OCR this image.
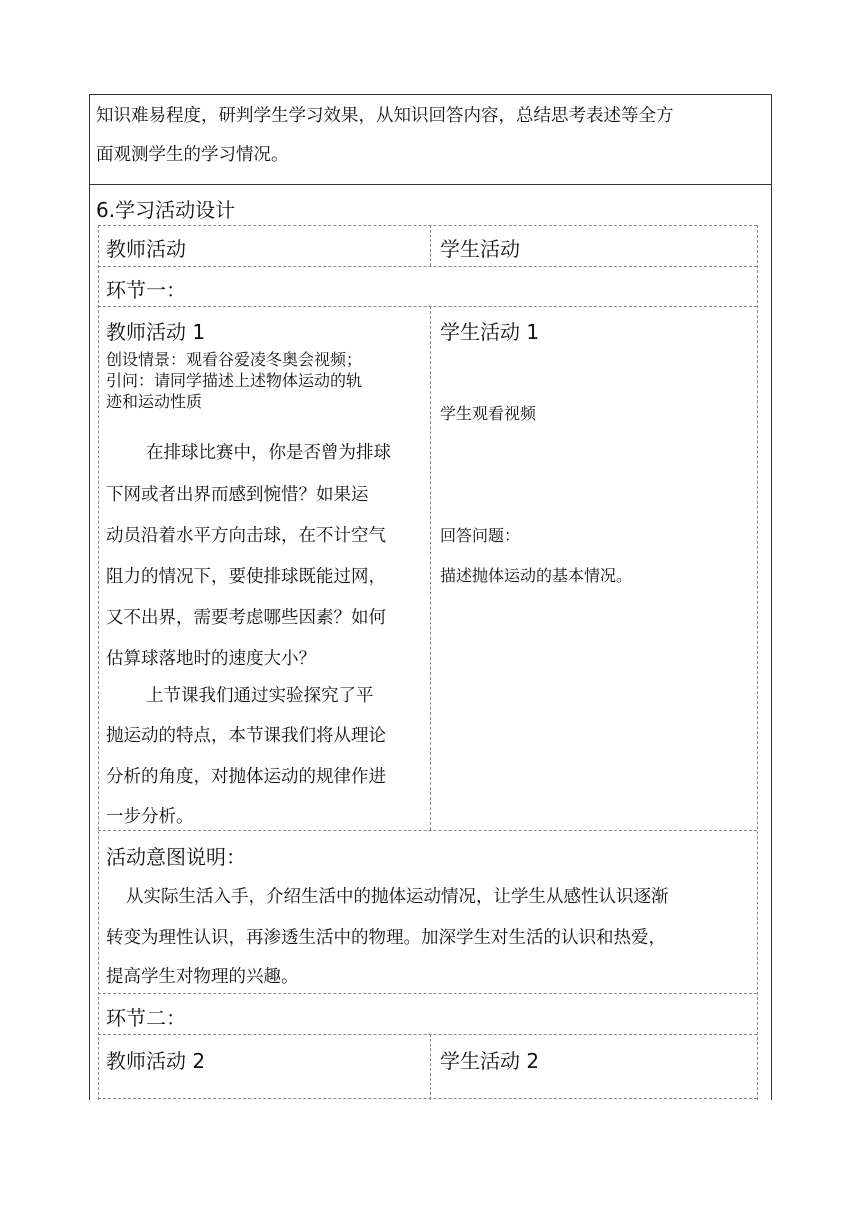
知识难易程度，研判学生学习效果，从知识回答内容，总结思考表述等全方
面观测学生的学习情况。
6.学习活动设计
教师活动	学生活动
环节一：
教师活动 1
创设情景：观看谷爱凌冬奥会视频；
引问：请同学描述上述物体运动的轨
迹和运动性质
在排球比赛中，你是否曾为排球
下网或者出界而感到惋惜？如果运
动员沿着水平方向击球，在不计空气
阻力的情况下，要使排球既能过网，
又不出界，需要考虑哪些因素？如何
估算球落地时的速度大小？
上节课我们通过实验探究了平
抛运动的特点，本节课我们将从理论
分析的角度，对抛体运动的规律作进
一步分析。
学生活动 1
学生观看视频
回答问题：
描述抛体运动的基本情况。
活动意图说明：
从实际生活入手，介绍生活中的抛体运动情况，让学生从感性认识逐渐
转变为理性认识，再渗透生活中的物理。加深学生对生活的认识和热爱，
提高学生对物理的兴趣。
环节二：
教师活动 2	学生活动 2
